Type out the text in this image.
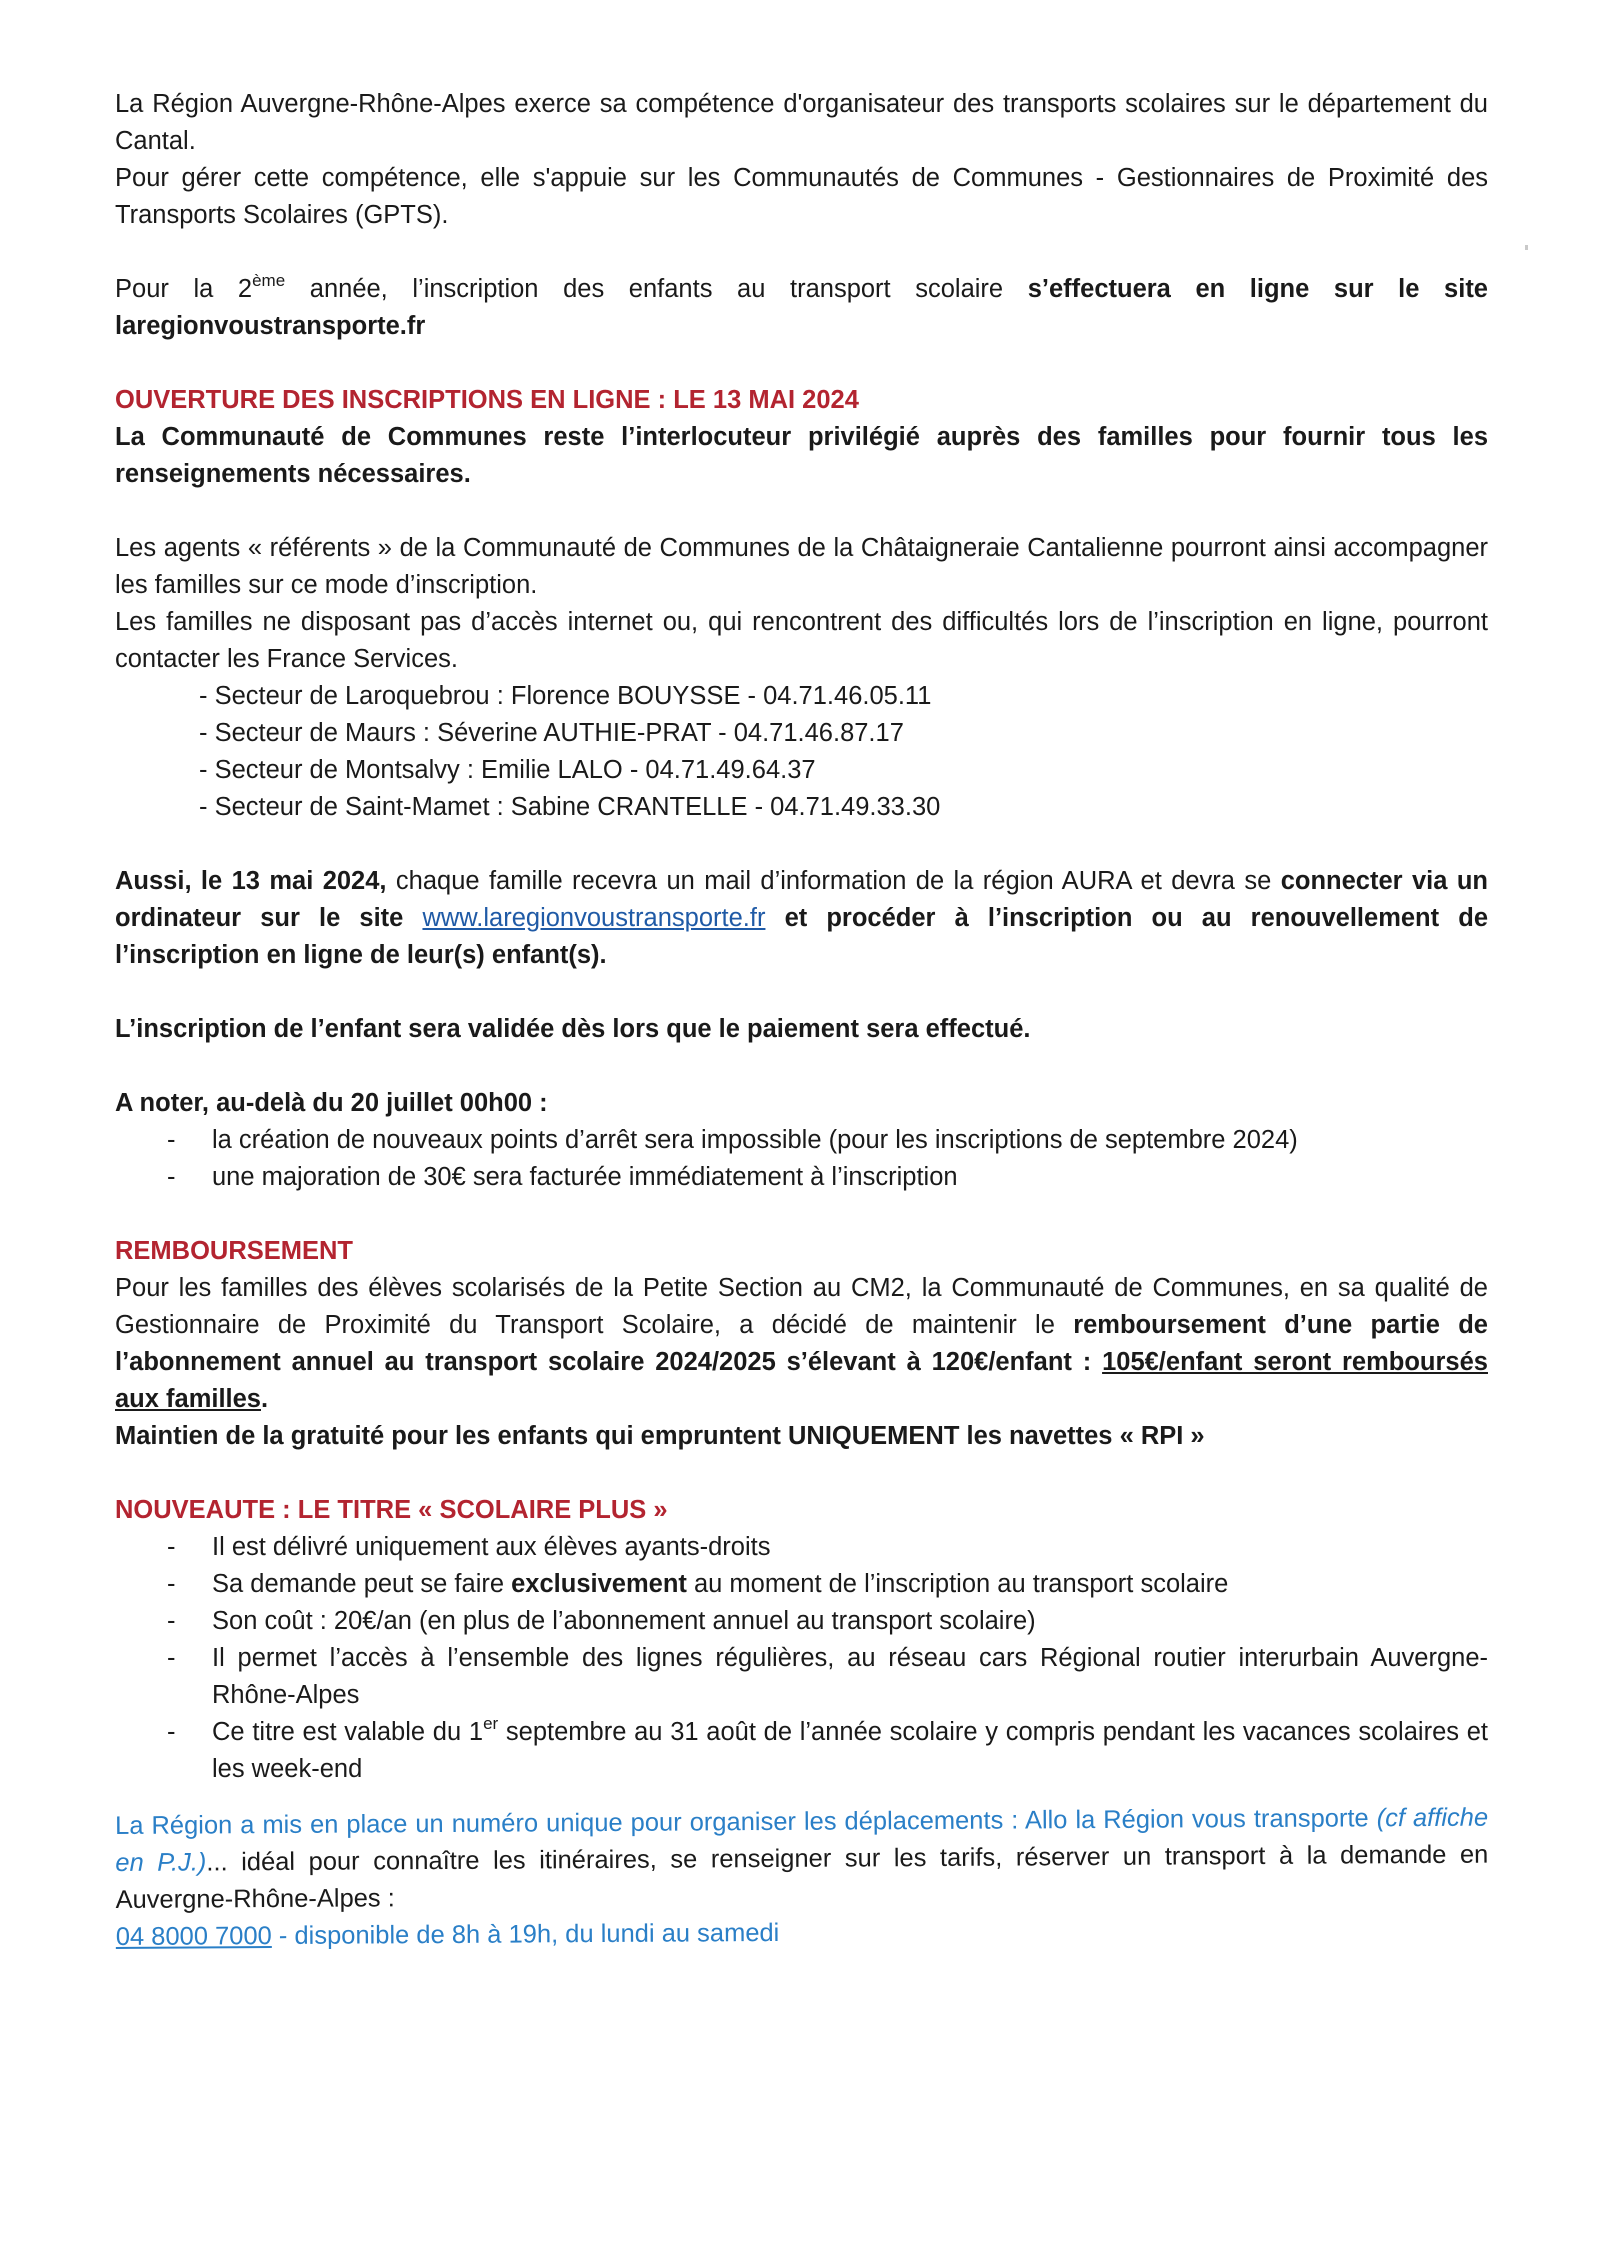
La Région Auvergne-Rhône-Alpes exerce sa compétence d'organisateur des transports scolaires sur le département du Cantal.

Pour gérer cette compétence, elle s'appuie sur les Communautés de Communes - Gestionnaires de Proximité des Transports Scolaires (GPTS).

Pour la 2ème année, l’inscription des enfants au transport scolaire s’effectuera en ligne sur le site laregionvoustransporte.fr

OUVERTURE DES INSCRIPTIONS EN LIGNE : LE 13 MAI 2024

La Communauté de Communes reste l’interlocuteur privilégié auprès des familles pour fournir tous les renseignements nécessaires.

Les agents « référents » de la Communauté de Communes de la Châtaigneraie Cantalienne pourront ainsi accompagner les familles sur ce mode d’inscription.

Les familles ne disposant pas d’accès internet ou, qui rencontrent des difficultés lors de l’inscription en ligne, pourront contacter les France Services.

- Secteur de Laroquebrou : Florence BOUYSSE - 04.71.46.05.11
- Secteur de Maurs : Séverine AUTHIE-PRAT - 04.71.46.87.17
- Secteur de Montsalvy : Emilie LALO - 04.71.49.64.37
- Secteur de Saint-Mamet : Sabine CRANTELLE - 04.71.49.33.30

Aussi, le 13 mai 2024, chaque famille recevra un mail d’information de la région AURA et devra se connecter via un ordinateur sur le site www.laregionvoustransporte.fr et procéder à l’inscription ou au renouvellement de l’inscription en ligne de leur(s) enfant(s).

L’inscription de l’enfant sera validée dès lors que le paiement sera effectué.

A noter, au-delà du 20 juillet 00h00 :

- la création de nouveaux points d’arrêt sera impossible (pour les inscriptions de septembre 2024)
- une majoration de 30€ sera facturée immédiatement à l’inscription

REMBOURSEMENT

Pour les familles des élèves scolarisés de la Petite Section au CM2, la Communauté de Communes, en sa qualité de Gestionnaire de Proximité du Transport Scolaire, a décidé de maintenir le remboursement d’une partie de l’abonnement annuel au transport scolaire 2024/2025 s’élevant à 120€/enfant : 105€/enfant seront remboursés aux familles.

Maintien de la gratuité pour les enfants qui empruntent UNIQUEMENT les navettes « RPI »

NOUVEAUTE : LE TITRE « SCOLAIRE PLUS »

- Il est délivré uniquement aux élèves ayants-droits
- Sa demande peut se faire exclusivement au moment de l’inscription au transport scolaire
- Son coût : 20€/an (en plus de l’abonnement annuel au transport scolaire)
- Il permet l’accès à l’ensemble des lignes régulières, au réseau cars Régional routier interurbain Auvergne-Rhône-Alpes
- Ce titre est valable du 1er septembre au 31 août de l’année scolaire y compris pendant les vacances scolaires et les week-end

La Région a mis en place un numéro unique pour organiser les déplacements : Allo la Région vous transporte (cf affiche en P.J.)... idéal pour connaître les itinéraires, se renseigner sur les tarifs, réserver un transport à la demande en Auvergne-Rhône-Alpes :
04 8000 7000 - disponible de 8h à 19h, du lundi au samedi
